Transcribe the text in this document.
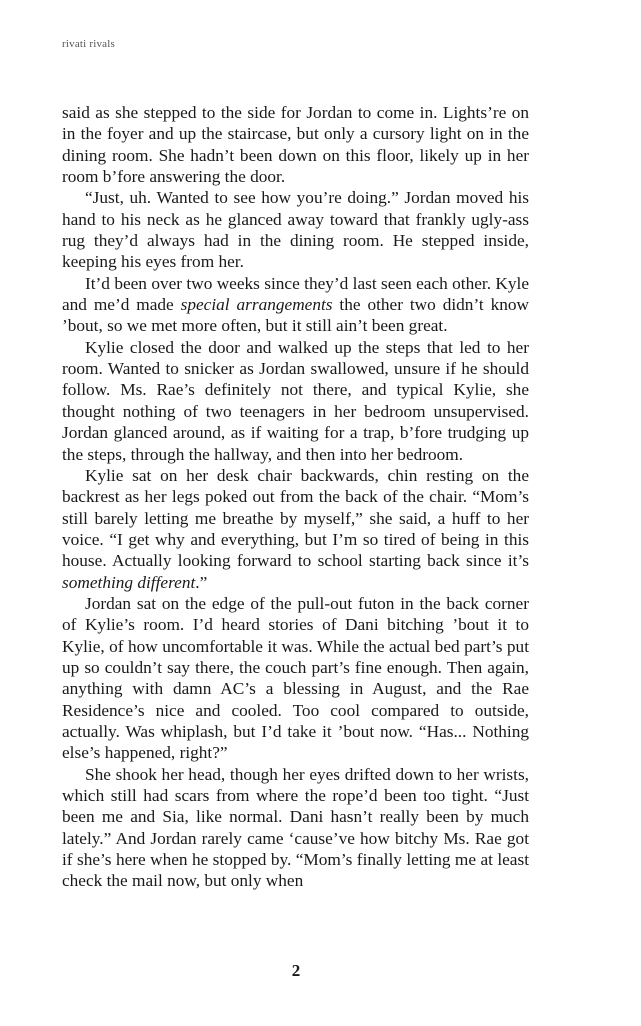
rivati rivals

said as she stepped to the side for Jordan to come in. Lights’re on in the foyer and up the staircase, but only a cursory light on in the dining room. She hadn’t been down on this floor, likely up in her room b’fore answering the door.

“Just, uh. Wanted to see how you’re doing.” Jordan moved his hand to his neck as he glanced away toward that frankly ugly-ass rug they’d always had in the dining room. He stepped inside, keeping his eyes from her.

It’d been over two weeks since they’d last seen each other. Kyle and me’d made special arrangements the other two didn’t know ’bout, so we met more often, but it still ain’t been great.

Kylie closed the door and walked up the steps that led to her room. Wanted to snicker as Jordan swallowed, unsure if he should follow. Ms. Rae’s definitely not there, and typical Kylie, she thought nothing of two teenagers in her bedroom unsupervised. Jordan glanced around, as if waiting for a trap, b’fore trudging up the steps, through the hallway, and then into her bedroom.

Kylie sat on her desk chair backwards, chin resting on the backrest as her legs poked out from the back of the chair. “Mom’s still barely letting me breathe by myself,” she said, a huff to her voice. “I get why and everything, but I’m so tired of being in this house. Actually looking forward to school starting back since it’s something different.”

Jordan sat on the edge of the pull-out futon in the back corner of Kylie’s room. I’d heard stories of Dani bitching ’bout it to Kylie, of how uncomfortable it was. While the actual bed part’s put up so couldn’t say there, the couch part’s fine enough. Then again, anything with damn AC’s a blessing in August, and the Rae Residence’s nice and cooled. Too cool compared to outside, actually. Was whiplash, but I’d take it ’bout now. “Has... Nothing else’s happened, right?”

She shook her head, though her eyes drifted down to her wrists, which still had scars from where the rope’d been too tight. “Just been me and Sia, like normal. Dani hasn’t really been by much lately.” And Jordan rarely came ‘cause’ve how bitchy Ms. Rae got if she’s here when he stopped by. “Mom’s finally letting me at least check the mail now, but only when

2
